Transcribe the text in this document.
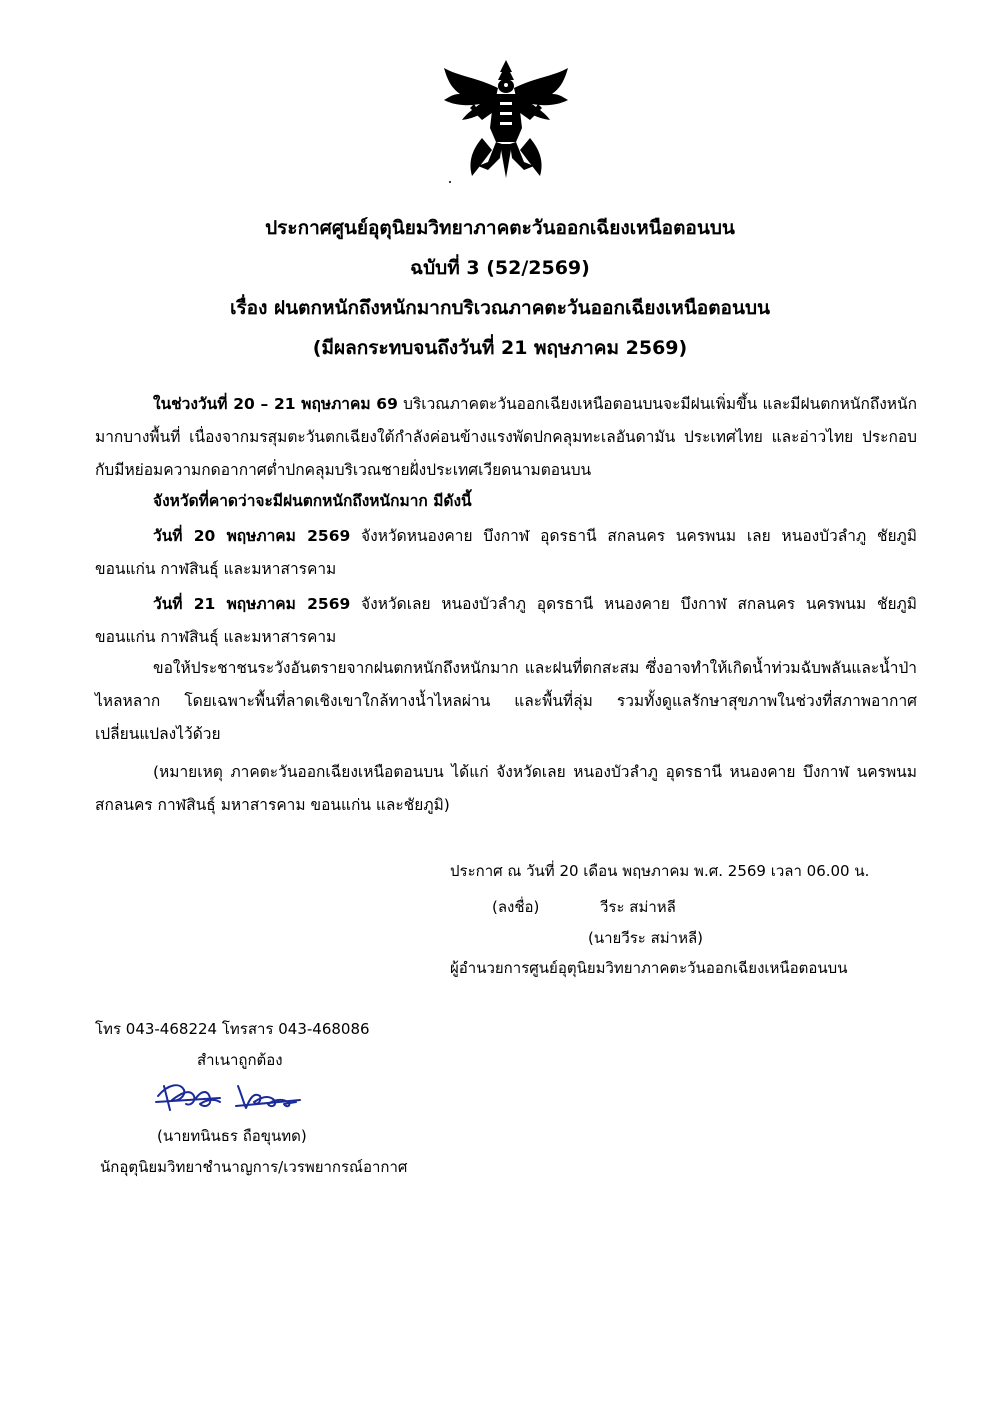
ประกาศศูนย์อุตุนิยมวิทยาภาคตะวันออกเฉียงเหนือตอนบน
ฉบับที่ 3 (52/2569)
เรื่อง ฝนตกหนักถึงหนักมากบริเวณภาคตะวันออกเฉียงเหนือตอนบน
(มีผลกระทบจนถึงวันที่ 21 พฤษภาคม 2569)
ในช่วงวันที่ 20 – 21 พฤษภาคม 69 บริเวณภาคตะวันออกเฉียงเหนือตอนบนจะมีฝนเพิ่มขึ้น และมีฝนตกหนักถึงหนักมากบางพื้นที่ เนื่องจากมรสุมตะวันตกเฉียงใต้กำลังค่อนข้างแรงพัดปกคลุมทะเลอันดามัน ประเทศไทย และอ่าวไทย ประกอบกับมีหย่อมความกดอากาศต่ำปกคลุมบริเวณชายฝั่งประเทศเวียดนามตอนบน
จังหวัดที่คาดว่าจะมีฝนตกหนักถึงหนักมาก มีดังนี้
วันที่ 20 พฤษภาคม 2569 จังหวัดหนองคาย บึงกาฬ อุดรธานี สกลนคร นครพนม เลย หนองบัวลำภู ชัยภูมิ ขอนแก่น กาฬสินธุ์ และมหาสารคาม
วันที่ 21 พฤษภาคม 2569 จังหวัดเลย หนองบัวลำภู อุดรธานี หนองคาย บึงกาฬ สกลนคร นครพนม ชัยภูมิ ขอนแก่น กาฬสินธุ์ และมหาสารคาม
ขอให้ประชาชนระวังอันตรายจากฝนตกหนักถึงหนักมาก และฝนที่ตกสะสม ซึ่งอาจทำให้เกิดน้ำท่วมฉับพลันและน้ำป่าไหลหลาก โดยเฉพาะพื้นที่ลาดเชิงเขาใกล้ทางน้ำไหลผ่าน และพื้นที่ลุ่ม รวมทั้งดูแลรักษาสุขภาพในช่วงที่สภาพอากาศเปลี่ยนแปลงไว้ด้วย
(หมายเหตุ ภาคตะวันออกเฉียงเหนือตอนบน ได้แก่ จังหวัดเลย หนองบัวลำภู อุดรธานี หนองคาย บึงกาฬ นครพนม สกลนคร กาฬสินธุ์ มหาสารคาม ขอนแก่น และชัยภูมิ)
ประกาศ ณ วันที่ 20 เดือน พฤษภาคม พ.ศ. 2569 เวลา 06.00 น.
(ลงชื่อ)	วีระ สม่าหลี
(นายวีระ สม่าหลี)
ผู้อำนวยการศูนย์อุตุนิยมวิทยาภาคตะวันออกเฉียงเหนือตอนบน
โทร 043-468224 โทรสาร 043-468086
สำเนาถูกต้อง
(นายทนินธร ถือขุนทด)
นักอุตุนิยมวิทยาชำนาญการ/เวรพยากรณ์อากาศ
